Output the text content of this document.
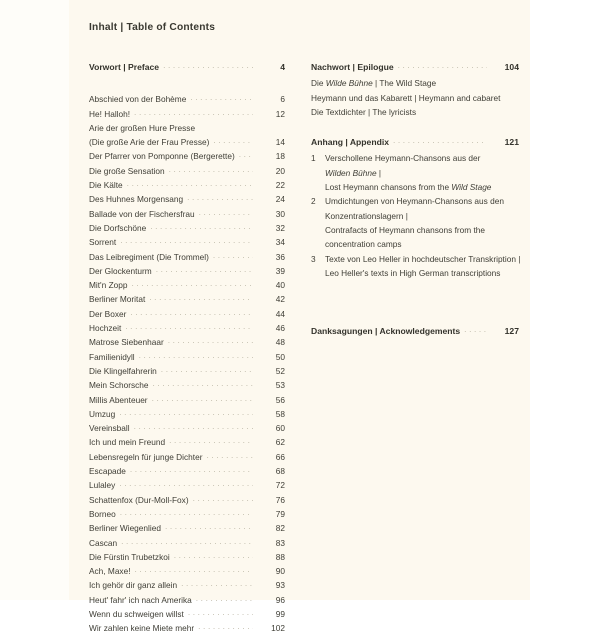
Inhalt | Table of Contents
Vorwort | Preface .....	4
Abschied von der Bohème .....	6
He! Halloh! .....	12
Arie der großen Hure Presse
(Die große Arie der Frau Presse) .....	14
Der Pfarrer von Pomponne (Bergerette) .....	18
Die große Sensation .....	20
Die Kälte .....	22
Des Huhnes Morgensang .....	24
Ballade von der Fischersfrau .....	30
Die Dorfschöne .....	32
Sorrent .....	34
Das Leibregiment (Die Trommel) .....	36
Der Glockenturm .....	39
Mit'n Zopp .....	40
Berliner Moritat .....	42
Der Boxer .....	44
Hochzeit .....	46
Matrose Siebenhaar .....	48
Familienidyll .....	50
Die Klingelfahrerin .....	52
Mein Schorsche .....	53
Millis Abenteuer .....	56
Umzug .....	58
Vereinsball .....	60
Ich und mein Freund .....	62
Lebensregeln für junge Dichter .....	66
Escapade .....	68
Lulaley .....	72
Schattenfox (Dur-Moll-Fox) .....	76
Borneo .....	79
Berliner Wiegenlied .....	82
Cascan .....	83
Die Fürstin Trubetzkoi .....	88
Ach, Maxe! .....	90
Ich gehör dir ganz allein .....	93
Heut' fahr' ich nach Amerika .....	96
Wenn du schweigen willst .....	99
Wir zahlen keine Miete mehr .....	102
Nachwort | Epilogue .....	104
Die Wilde Bühne | The Wild Stage
Heymann und das Kabarett | Heymann and cabaret
Die Textdichter | The lyricists
Anhang | Appendix .....	121
1	Verschollene Heymann-Chansons aus der
Wilden Bühne |
Lost Heymann chansons from the Wild Stage
2	Umdichtungen von Heymann-Chansons aus den
Konzentrationslagern |
Contrafacts of Heymann chansons from the
concentration camps
3	Texte von Leo Heller in hochdeutscher Transkription |
Leo Heller's texts in High German transcriptions
Danksagungen | Acknowledgements .....	127
